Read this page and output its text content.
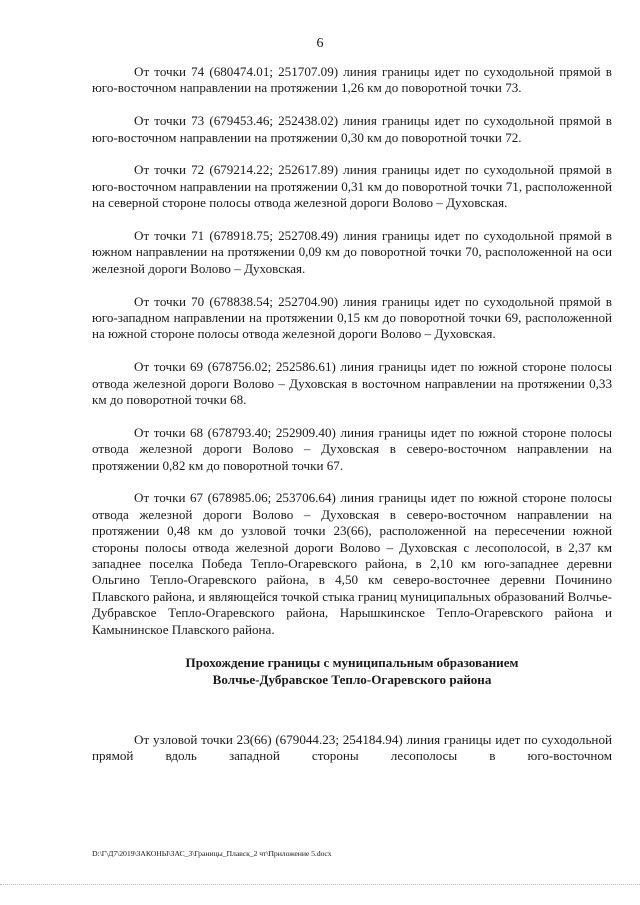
6

От точки 74 (680474.01; 251707.09) линия границы идет по суходольной прямой в юго-восточном направлении на протяжении 1,26 км до поворотной точки 73.

От точки 73 (679453.46; 252438.02) линия границы идет по суходольной прямой в юго-восточном направлении на протяжении 0,30 км до поворотной точки 72.

От точки 72 (679214.22; 252617.89) линия границы идет по суходольной прямой в юго-восточном направлении на протяжении 0,31 км до поворотной точки 71, расположенной на северной стороне полосы отвода железной дороги Волово – Духовская.

От точки 71 (678918.75; 252708.49) линия границы идет по суходольной прямой в южном направлении на протяжении 0,09 км до поворотной точки 70, расположенной на оси железной дороги Волово – Духовская.

От точки 70 (678838.54; 252704.90) линия границы идет по суходольной прямой в юго-западном направлении на протяжении 0,15 км до поворотной точки 69, расположенной на южной стороне полосы отвода железной дороги Волово – Духовская.

От точки 69 (678756.02; 252586.61) линия границы идет по южной стороне полосы отвода железной дороги Волово – Духовская в восточном направлении на протяжении 0,33 км до поворотной точки 68.

От точки 68 (678793.40; 252909.40) линия границы идет по южной стороне полосы отвода железной дороги Волово – Духовская в северо-восточном направлении на протяжении 0,82 км до поворотной точки 67.

От точки 67 (678985.06; 253706.64) линия границы идет по южной стороне полосы отвода железной дороги Волово – Духовская в северо-восточном направлении на протяжении 0,48 км до узловой точки 23(66), расположенной на пересечении южной стороны полосы отвода железной дороги Волово – Духовская с лесополосой, в 2,37 км западнее поселка Победа Тепло-Огаревского района, в 2,10 км юго-западнее деревни Ольгино Тепло-Огаревского района, в 4,50 км северо-восточнее деревни Починино Плавского района, и являющейся точкой стыка границ муниципальных образований Волчье-Дубравское Тепло-Огаревского района, Нарышкинское Тепло-Огаревского района и Камынинское Плавского района.

Прохождение границы с муниципальным образованием
Волчье-Дубравское Тепло-Огаревского района

От узловой точки 23(66) (679044.23; 254184.94) линия границы идет по суходольной прямой вдоль западной стороны лесополосы в юго-восточном

D:\Г\Д7\2019\ЗАКОНЫ\ЗАС_3\Границы_Плавск_2 чт\Приложение 5.docx
